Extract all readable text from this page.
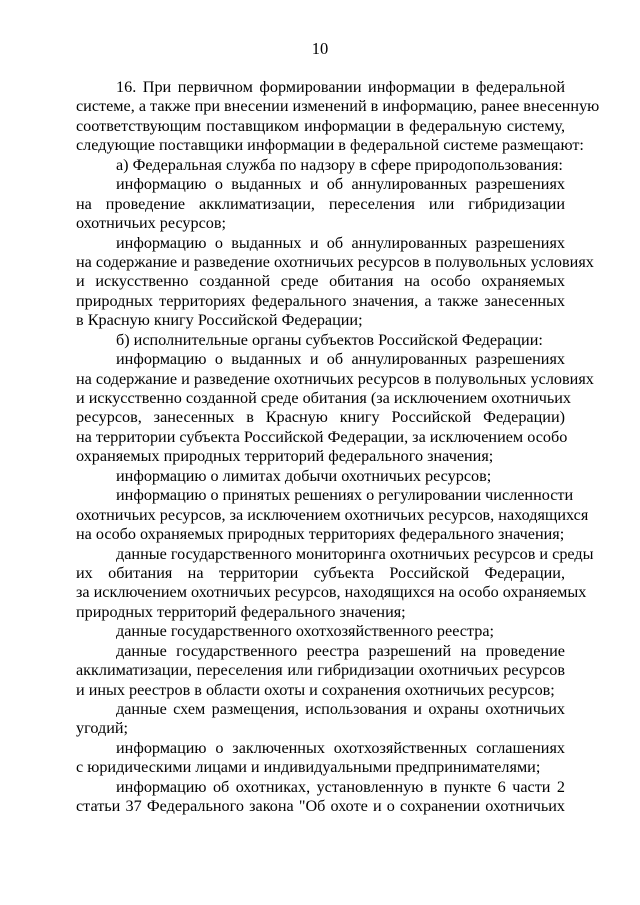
10
16. При первичном формировании информации в федеральной
системе, а также при внесении изменений в информацию, ранее внесенную
соответствующим поставщиком информации в федеральную систему,
следующие поставщики информации в федеральной системе размещают:
а) Федеральная служба по надзору в сфере природопользования:
информацию о выданных и об аннулированных разрешениях
на проведение акклиматизации, переселения или гибридизации
охотничьих ресурсов;
информацию о выданных и об аннулированных разрешениях
на содержание и разведение охотничьих ресурсов в полувольных условиях
и искусственно созданной среде обитания на особо охраняемых
природных территориях федерального значения, а также занесенных
в Красную книгу Российской Федерации;
б) исполнительные органы субъектов Российской Федерации:
информацию о выданных и об аннулированных разрешениях
на содержание и разведение охотничьих ресурсов в полувольных условиях
и искусственно созданной среде обитания (за исключением охотничьих
ресурсов, занесенных в Красную книгу Российской Федерации)
на территории субъекта Российской Федерации, за исключением особо
охраняемых природных территорий федерального значения;
информацию о лимитах добычи охотничьих ресурсов;
информацию о принятых решениях о регулировании численности
охотничьих ресурсов, за исключением охотничьих ресурсов, находящихся
на особо охраняемых природных территориях федерального значения;
данные государственного мониторинга охотничьих ресурсов и среды
их обитания на территории субъекта Российской Федерации,
за исключением охотничьих ресурсов, находящихся на особо охраняемых
природных территорий федерального значения;
данные государственного охотхозяйственного реестра;
данные государственного реестра разрешений на проведение
акклиматизации, переселения или гибридизации охотничьих ресурсов
и иных реестров в области охоты и сохранения охотничьих ресурсов;
данные схем размещения, использования и охраны охотничьих
угодий;
информацию о заключенных охотхозяйственных соглашениях
с юридическими лицами и индивидуальными предпринимателями;
информацию об охотниках, установленную в пункте 6 части 2
статьи 37 Федерального закона "Об охоте и о сохранении охотничьих
